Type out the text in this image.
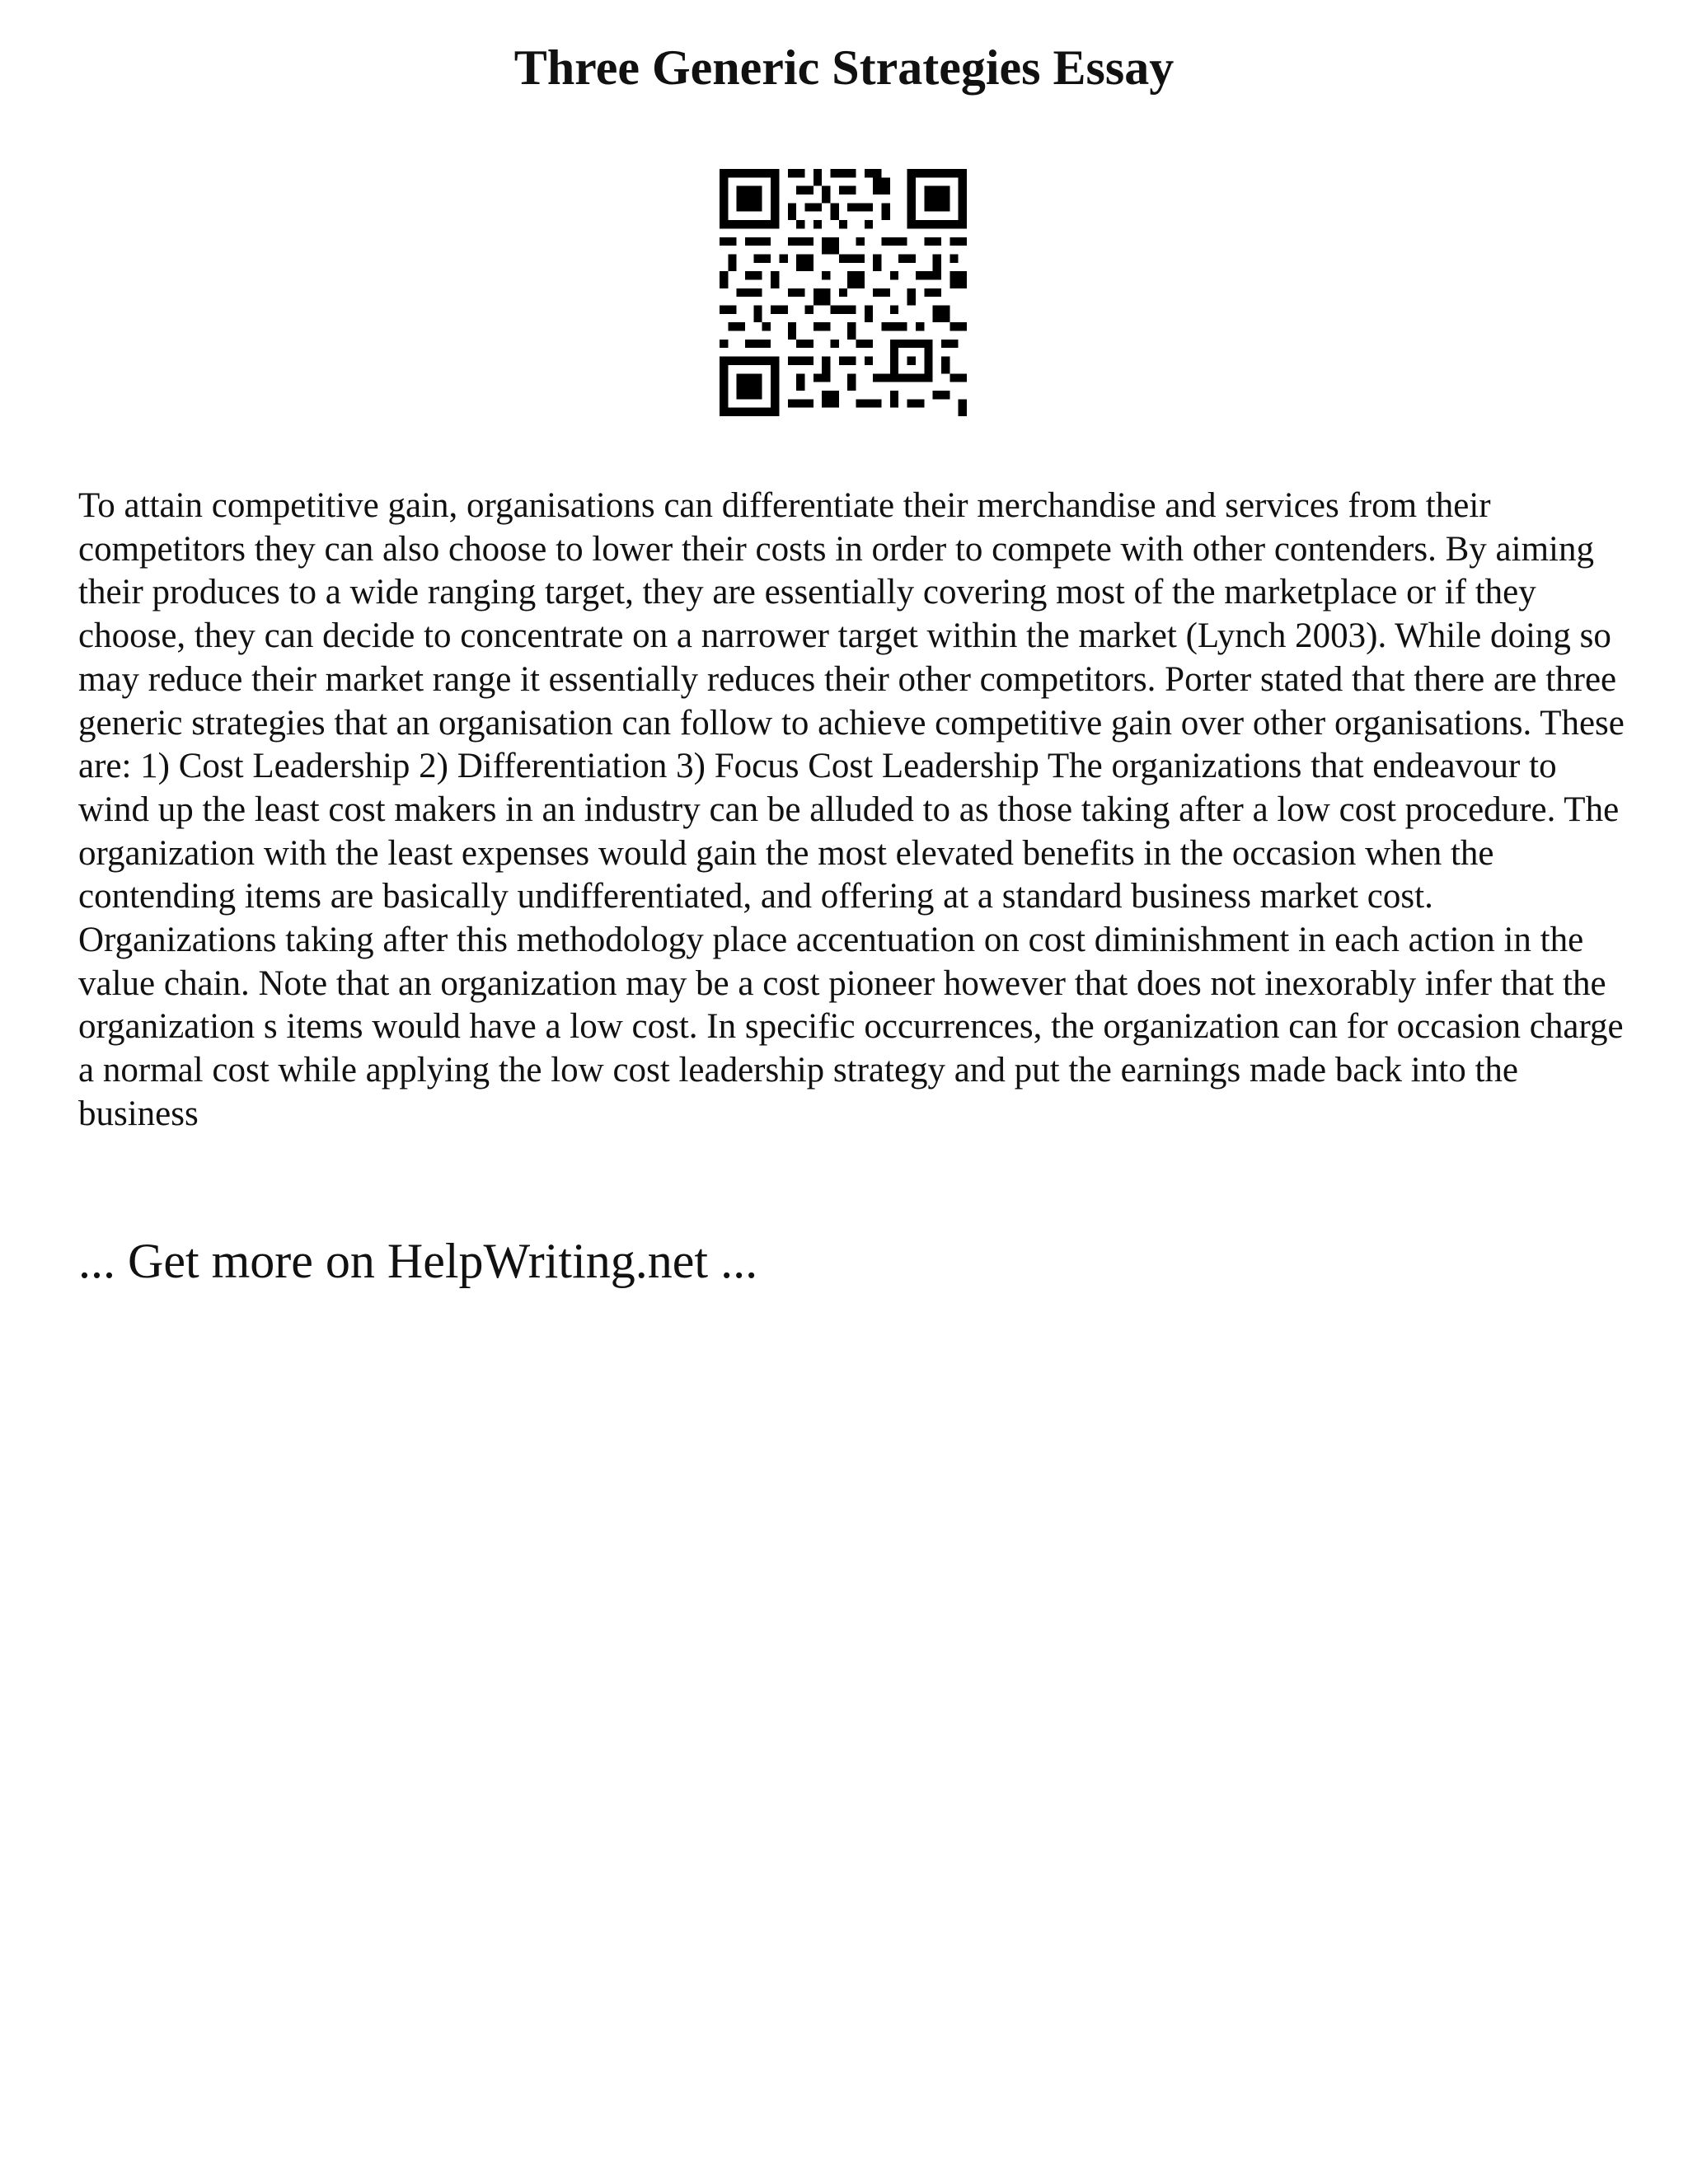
Three Generic Strategies Essay

To attain competitive gain, organisations can differentiate their merchandise and services from their competitors they can also choose to lower their costs in order to compete with other contenders. By aiming their produces to a wide ranging target, they are essentially covering most of the marketplace or if they choose, they can decide to concentrate on a narrower target within the market (Lynch 2003). While doing so may reduce their market range it essentially reduces their other competitors. Porter stated that there are three generic strategies that an organisation can follow to achieve competitive gain over other organisations. These are: 1) Cost Leadership 2) Differentiation 3) Focus Cost Leadership The organizations that endeavour to wind up the least cost makers in an industry can be alluded to as those taking after a low cost procedure. The organization with the least expenses would gain the most elevated benefits in the occasion when the contending items are basically undifferentiated, and offering at a standard business market cost. Organizations taking after this methodology place accentuation on cost diminishment in each action in the value chain. Note that an organization may be a cost pioneer however that does not inexorably infer that the organization s items would have a low cost. In specific occurrences, the organization can for occasion charge a normal cost while applying the low cost leadership strategy and put the earnings made back into the business

... Get more on HelpWriting.net ...
